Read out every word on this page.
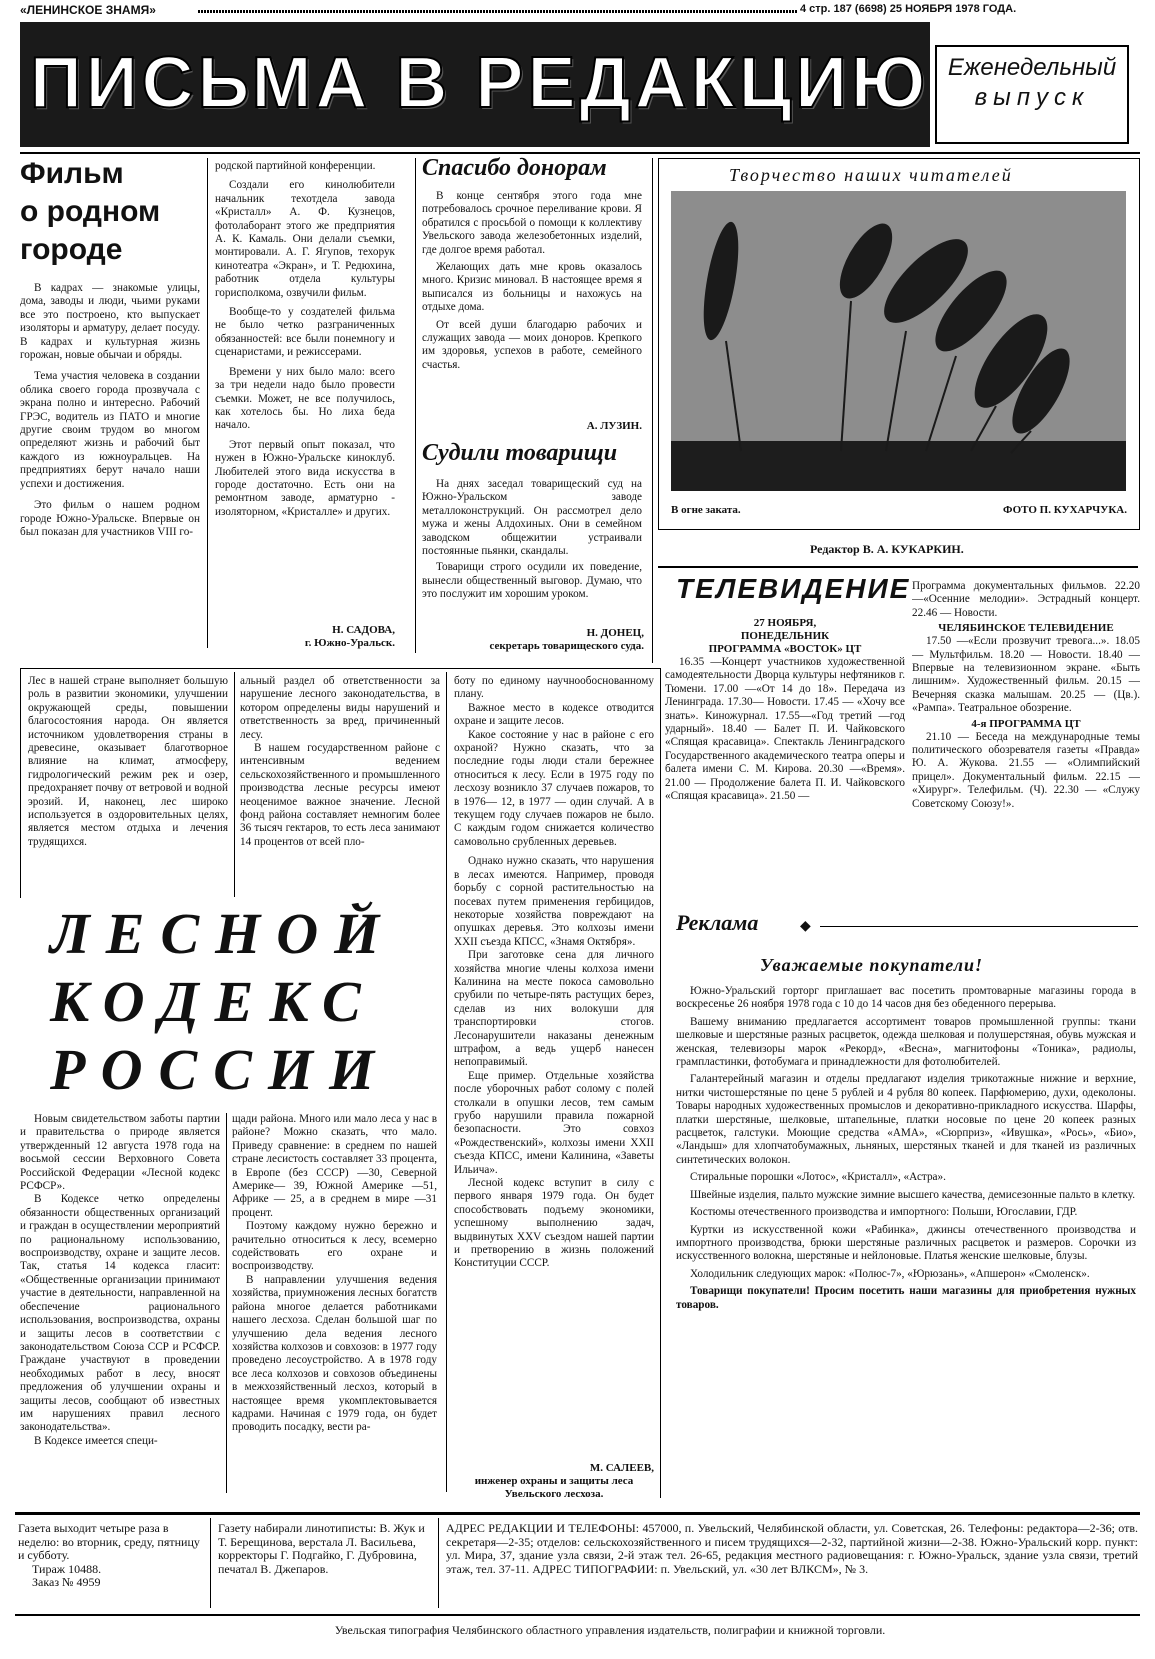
«ЛЕНИНСКОЕ ЗНАМЯ»	4 стр. 187 (6698) 25 НОЯБРЯ 1978 ГОДА.
ПИСЬМА В РЕДАКЦИЮ Еженедельный
выпуск
Фильм
о родном
городе

В кадрах — знакомые улицы, дома, заводы и люди, чьими руками все это построено, кто выпускает изоляторы и арматуру, делает посуду. В кадрах и культурная жизнь горожан, новые обычаи и обряды.

Тема участия человека в создании облика своего города прозвучала с экрана полно и интересно. Рабочий ГРЭС, водитель из ПАТО и многие другие своим трудом во многом определяют жизнь и рабочий быт каждого из южноуральцев. На предприятиях берут начало наши успехи и достижения.

Это фильм о нашем родном городе Южно-Уральске. Впервые он был показан для участников VIII го-

родской партийной конференции.

Создали его кинолюбители начальник техотдела завода «Кристалл» А. Ф. Кузнецов, фотолаборант этого же предприятия А. К. Камаль. Они делали съемки, монтировали. А. Г. Ягупов, техорук кинотеатра «Экран», и Т. Редюхина, работник отдела культуры горисполкома, озвучили фильм.

Вообще-то у создателей фильма не было четко разграниченных обязанностей: все были понемногу и сценаристами, и режиссерами.

Времени у них было мало: всего за три недели надо было провести съемки. Может, не все получилось, как хотелось бы. Но лиха беда начало.

Этот первый опыт показал, что нужен в Южно-Уральске киноклуб. Любителей этого вида искусства в городе достаточно. Есть они на ремонтном заводе, арматурно - изоляторном, «Кристалле» и других.

Н. САДОВА,
г. Южно-Уральск.
Спасибо донорам

В конце сентября этого года мне потребовалось срочное переливание крови. Я обратился с просьбой о помощи к коллективу Увельского завода железобетонных изделий, где долгое время работал.

Желающих дать мне кровь оказалось много. Кризис миновал. В настоящее время я выписался из больницы и нахожусь на отдыхе дома.

От всей души благодарю рабочих и служащих завода — моих доноров. Крепкого им здоровья, успехов в работе, семейного счастья.

А. ЛУЗИН.
Судили товарищи

На днях заседал товарищеский суд на Южно-Уральском заводе металлоконструкций. Он рассмотрел дело мужа и жены Алдохиных. Они в семейном заводском общежитии устраивали постоянные пьянки, скандалы.

Товарищи строго осудили их поведение, вынесли общественный выговор. Думаю, что это послужит им хорошим уроком.

Н. ДОНЕЦ,
секретарь товарищеского суда.
Творчество наших читателей
В огне заката.	ФОТО П. КУХАРЧУКА.
Редактор В. А. КУКАРКИН.
ТЕЛЕВИДЕНИЕ
27 НОЯБРЯ,
ПОНЕДЕЛЬНИК
ПРОГРАММА «ВОСТОК» ЦТ
16.35 —Концерт участников художественной самодеятельности Дворца культуры нефтяников г. Тюмени. 17.00 —«От 14 до 18». Передача из Ленинграда. 17.30— Новости. 17.45 — «Хочу все знать». Киножурнал. 17.55—«Год третий —год ударный». 18.40 — Балет П. И. Чайковского «Спящая красавица». Спектакль Ленинградского Государственного академического театра оперы и балета имени С. М. Кирова. 20.30 —«Время». 21.00 — Продолжение балета П. И. Чайковского «Спящая красавица». 21.50 —
Программа документальных фильмов. 22.20 —«Осенние мелодии». Эстрадный концерт. 22.46 — Новости.
ЧЕЛЯБИНСКОЕ ТЕЛЕВИДЕНИЕ
17.50 —«Если прозвучит тревога...». 18.05 — Мультфильм. 18.20 — Новости. 18.40 — Впервые на телевизионном экране. «Быть лишним». Художественный фильм. 20.15 — Вечерняя сказка малышам. 20.25 — (Цв.). «Рампа». Театральное обозрение.
4-я ПРОГРАММА ЦТ
21.10 — Беседа на международные темы политического обозревателя газеты «Правда» Ю. А. Жукова. 21.55 — «Олимпийский прицел». Документальный фильм. 22.15 — «Хирург». Телефильм. (Ч). 22.30 — «Служу Советскому Союзу!».
Реклама	◆
Уважаемые покупатели!

Южно-Уральский горторг приглашает вас посетить промтоварные магазины города в воскресенье 26 ноября 1978 года с 10 до 14 часов дня без обеденного перерыва.

Вашему вниманию предлагается ассортимент товаров промышленной группы: ткани шелковые и шерстяные разных расцветок, одежда шелковая и полушерстяная, обувь мужская и женская, телевизоры марок «Рекорд», «Весна», магнитофоны «Тоника», радиолы, грампластинки, фотобумага и принадлежности для фотолюбителей.

Галантерейный магазин и отделы предлагают изделия трикотажные нижние и верхние, нитки чистошерстяные по цене 5 рублей и 4 рубля 80 копеек. Парфюмерию, духи, одеколоны. Товары народных художественных промыслов и декоративно-прикладного искусства. Шарфы, платки шерстяные, шелковые, штапельные, платки носовые по цене 20 копеек разных расцветок, галстуки. Моющие средства «АМА», «Сюрприз», «Ивушка», «Рось», «Био», «Ландыш» для хлопчатобумажных, льняных, шерстяных тканей и для тканей из различных синтетических волокон.

Стиральные порошки «Лотос», «Кристалл», «Астра».

Швейные изделия, пальто мужские зимние высшего качества, демисезонные пальто в клетку.

Костюмы отечественного производства и импортного: Польши, Югославии, ГДР.

Куртки из искусственной кожи «Рабинка», джинсы отечественного производства и импортного производства, брюки шерстяные различных расцветок и размеров. Сорочки из искусственного волокна, шерстяные и нейлоновые. Платья женские шелковые, блузы.

Холодильник следующих марок: «Полюс-7», «Юрюзань», «Апшерон» «Смоленск».

Товарищи покупатели! Просим посетить наши магазины для приобретения нужных товаров.

Лес в нашей стране выполняет большую роль в развитии экономики, улучшении окружающей среды, повышении благосостояния народа. Он является источником удовлетворения страны в древесине, оказывает благотворное влияние на климат, атмосферу, гидрологический режим рек и озер, предохраняет почву от ветровой и водной эрозий. И, наконец, лес широко используется в оздоровительных целях, является местом отдыха и лечения трудящихся.

альный раздел об ответственности за нарушение лесного законодательства, в котором определены виды нарушений и ответственность за вред, причиненный лесу.

В нашем государственном районе с интенсивным ведением сельскохозяйственного и промышленного производства лесные ресурсы имеют неоценимое важное значение. Лесной фонд района составляет немногим более 36 тысяч гектаров, то есть леса занимают 14 процентов от всей пло-

ЛЕСНОЙ
КОДЕКС
РОССИИ

Новым свидетельством заботы партии и правительства о природе является утвержденный 12 августа 1978 года на восьмой сессии Верховного Совета Российской Федерации «Лесной кодекс РСФСР».

В Кодексе четко определены обязанности общественных организаций и граждан в осуществлении мероприятий по рациональному использованию, воспроизводству, охране и защите лесов. Так, статья 14 кодекса гласит: «Общественные организации принимают участие в деятельности, направленной на обеспечение рационального использования, воспроизводства, охраны и защиты лесов в соответствии с законодательством Союза ССР и РСФСР. Граждане участвуют в проведении необходимых работ в лесу, вносят предложения об улучшении охраны и защиты лесов, сообщают об известных им нарушениях правил лесного законодательства».

В Кодексе имеется специ-

щади района. Много или мало леса у нас в районе? Можно сказать, что мало. Приведу сравнение: в среднем по нашей стране лесистость составляет 33 процента, в Европе (без СССР) —30, Северной Америке— 39, Южной Америке —51, Африке — 25, а в среднем в мире —31 процент.

Поэтому каждому нужно бережно и рачительно относиться к лесу, всемерно содействовать его охране и воспроизводству.

В направлении улучшения ведения хозяйства, приумножения лесных богатств района многое делается работниками нашего лесхоза. Сделан большой шаг по улучшению дела ведения лесного хозяйства колхозов и совхозов: в 1977 году проведено лесоустройство. А в 1978 году все леса колхозов и совхозов объединены в межхозяйственный лесхоз, который в настоящее время укомплектовывается кадрами. Начиная с 1979 года, он будет проводить посадку, вести ра-

боту по единому научнообоснованному плану.

Важное место в кодексе отводится охране и защите лесов.

Какое состояние у нас в районе с его охраной? Нужно сказать, что за последние годы люди стали бережнее относиться к лесу. Если в 1975 году по лесхозу возникло 37 случаев пожаров, то в 1976— 12, в 1977 — один случай. А в текущем году случаев пожаров не было. С каждым годом снижается количество самовольно срубленных деревьев.

Однако нужно сказать, что нарушения в лесах имеются. Например, проводя борьбу с сорной растительностью на посевах путем применения гербицидов, некоторые хозяйства повреждают на опушках деревья. Это колхозы имени XXII съезда КПСС, «Знамя Октября».

При заготовке сена для личного хозяйства многие члены колхоза имени Калинина на месте покоса самовольно срубили по четыре-пять растущих берез, сделав из них волокуши для транспортировки стогов. Лесонарушители наказаны денежным штрафом, а ведь ущерб нанесен непоправимый.

Еще пример. Отдельные хозяйства после уборочных работ солому с полей столкали в опушки лесов, тем самым грубо нарушили правила пожарной безопасности. Это совхоз «Рождественский», колхозы имени XXII съезда КПСС, имени Калинина, «Заветы Ильича».

Лесной кодекс вступит в силу с первого января 1979 года. Он будет способствовать подъему экономики, успешному выполнению задач, выдвинутых XXV съездом нашей партии и претворению в жизнь положений Конституции СССР.

М. САЛЕЕВ,
инженер охраны и защиты леса Увельского лесхоза.
Газета выходит четыре раза в неделю: во вторник, среду, пятницу и субботу.
Тираж 10488.
Заказ № 4959
Газету набирали линотиписты: В. Жук и Т. Берещинова, верстала Л. Васильева, корректоры Г. Подгайко, Г. Дубровина, печатал В. Джепаров.
АДРЕС РЕДАКЦИИ И ТЕЛЕФОНЫ: 457000, п. Увельский, Челябинской области, ул. Советская, 26. Телефоны: редактора—2-36; отв. секретаря—2-35; отделов: сельскохозяйственного и писем трудящихся—2-32, партийной жизни—2-38. Южно-Уральский корр. пункт: ул. Мира, 37, здание узла связи, 2-й этаж тел. 26-65, редакция местного радиовещания: г. Южно-Уральск, здание узла связи, третий этаж, тел. 37-11. АДРЕС ТИПОГРАФИИ: п. Увельский, ул. «30 лет ВЛКСМ», № 3.
Увельская типография Челябинского областного управления издательств, полиграфии и книжной торговли.
